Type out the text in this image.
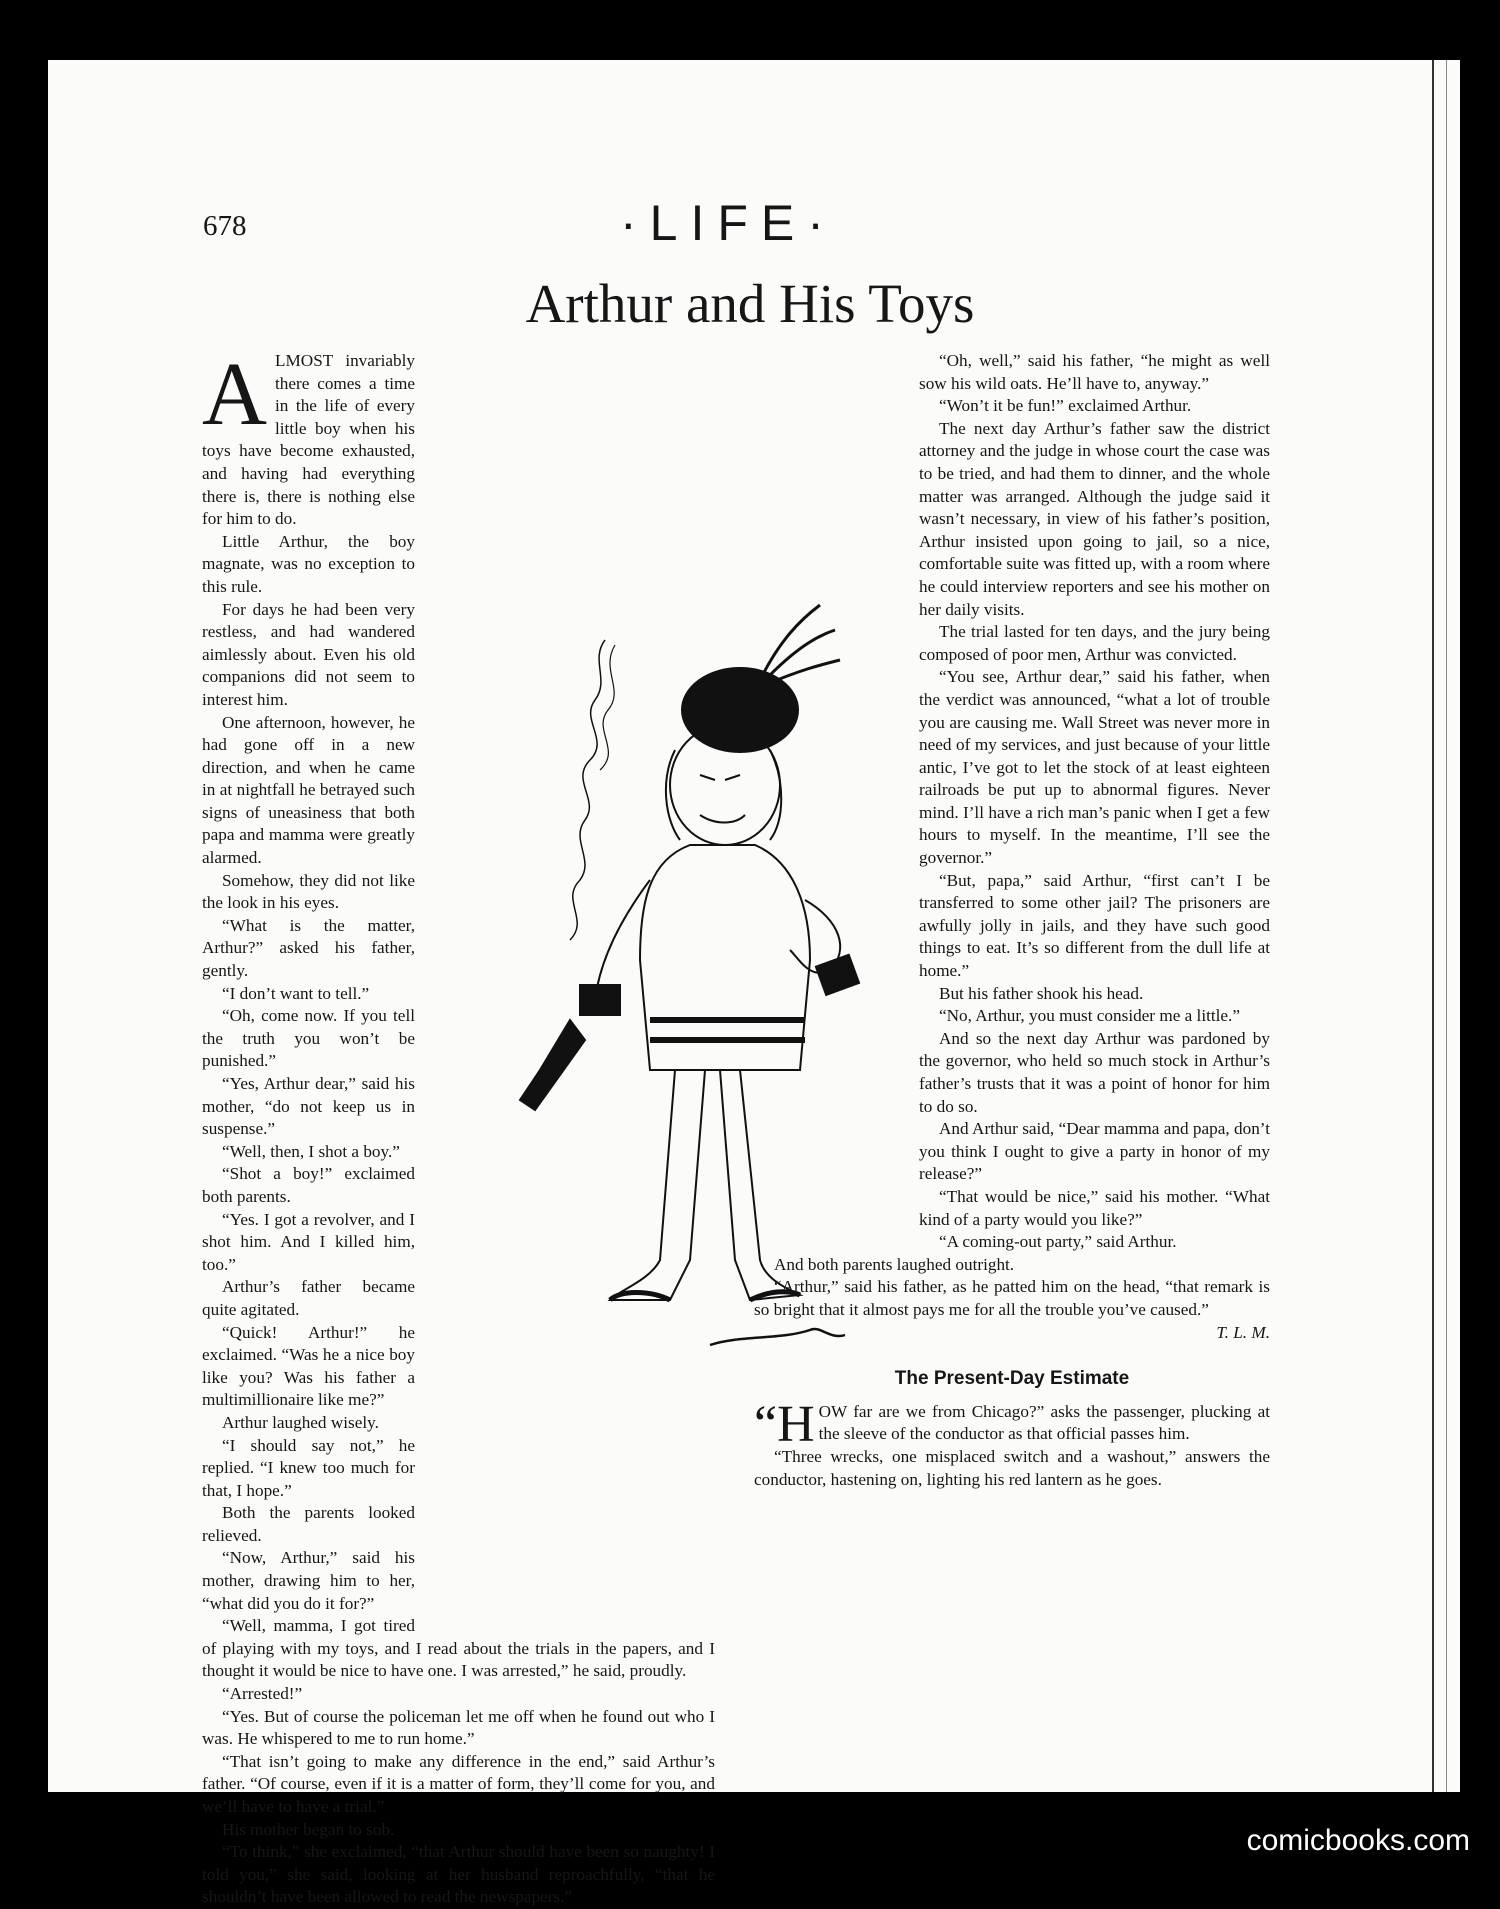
678	·LIFE·
Arthur and His Toys
A LMOST invariably there comes a time in the life of every little boy when his toys have become exhausted, and having had everything there is, there is nothing else for him to do.

Little Arthur, the boy magnate, was no exception to this rule.

For days he had been very restless, and had wandered aimlessly about. Even his old companions did not seem to interest him.

One afternoon, however, he had gone off in a new direction, and when he came in at nightfall he betrayed such signs of uneasiness that both papa and mamma were greatly alarmed.

Somehow, they did not like the look in his eyes.

“What is the matter, Arthur?” asked his father, gently.

“I don’t want to tell.”

“Oh, come now. If you tell the truth you won’t be punished.”

“Yes, Arthur dear,” said his mother, “do not keep us in suspense.”

“Well, then, I shot a boy.”

“Shot a boy!” exclaimed both parents.

“Yes. I got a revolver, and I shot him. And I killed him, too.”

Arthur’s father became quite agitated.

“Quick! Arthur!” he exclaimed. “Was he a nice boy like you? Was his father a multimillionaire like me?”

Arthur laughed wisely.

“I should say not,” he replied. “I knew too much for that, I hope.”

Both the parents looked relieved.

“Now, Arthur,” said his mother, drawing him to her, “what did you do it for?”

“Well, mamma, I got tired of playing with my toys, and I read about the trials in the papers, and I thought it would be nice to have one. I was arrested,” he said, proudly.

“Arrested!”

“Yes. But of course the policeman let me off when he found out who I was. He whispered to me to run home.”

“That isn’t going to make any difference in the end,” said Arthur’s father. “Of course, even if it is a matter of form, they’ll come for you, and we’ll have to have a trial.”

His mother began to sob.

“To think,” she exclaimed, “that Arthur should have been so naughty! I told you,” she said, looking at her husband reproachfully, “that he shouldn’t have been allowed to read the newspapers.”

“Oh, well,” said his father, “he might as well sow his wild oats. He’ll have to, anyway.”

“Won’t it be fun!” exclaimed Arthur.

The next day Arthur’s father saw the district attorney and the judge in whose court the case was to be tried, and had them to dinner, and the whole matter was arranged. Although the judge said it wasn’t necessary, in view of his father’s position, Arthur insisted upon going to jail, so a nice, comfortable suite was fitted up, with a room where he could interview reporters and see his mother on her daily visits.

The trial lasted for ten days, and the jury being composed of poor men, Arthur was convicted.

“You see, Arthur dear,” said his father, when the verdict was announced, “what a lot of trouble you are causing me. Wall Street was never more in need of my services, and just because of your little antic, I’ve got to let the stock of at least eighteen railroads be put up to abnormal figures. Never mind. I’ll have a rich man’s panic when I get a few hours to myself. In the meantime, I’ll see the governor.”

“But, papa,” said Arthur, “first can’t I be transferred to some other jail? The prisoners are awfully jolly in jails, and they have such good things to eat. It’s so different from the dull life at home.”

But his father shook his head.

“No, Arthur, you must consider me a little.”

And so the next day Arthur was pardoned by the governor, who held so much stock in Arthur’s father’s trusts that it was a point of honor for him to do so.

And Arthur said, “Dear mamma and papa, don’t you think I ought to give a party in honor of my release?”

“That would be nice,” said his mother. “What kind of a party would you like?”

“A coming-out party,” said Arthur.

And both parents laughed outright.

“Arthur,” said his father, as he patted him on the head, “that remark is so bright that it almost pays me for all the trouble you’ve caused.”

T. L. M.

The Present-Day Estimate

“H OW far are we from Chicago?” asks the passenger, plucking at the sleeve of the conductor as that official passes him.

“Three wrecks, one misplaced switch and a washout,” answers the conductor, hastening on, lighting his red lantern as he goes.

comicbooks.com
